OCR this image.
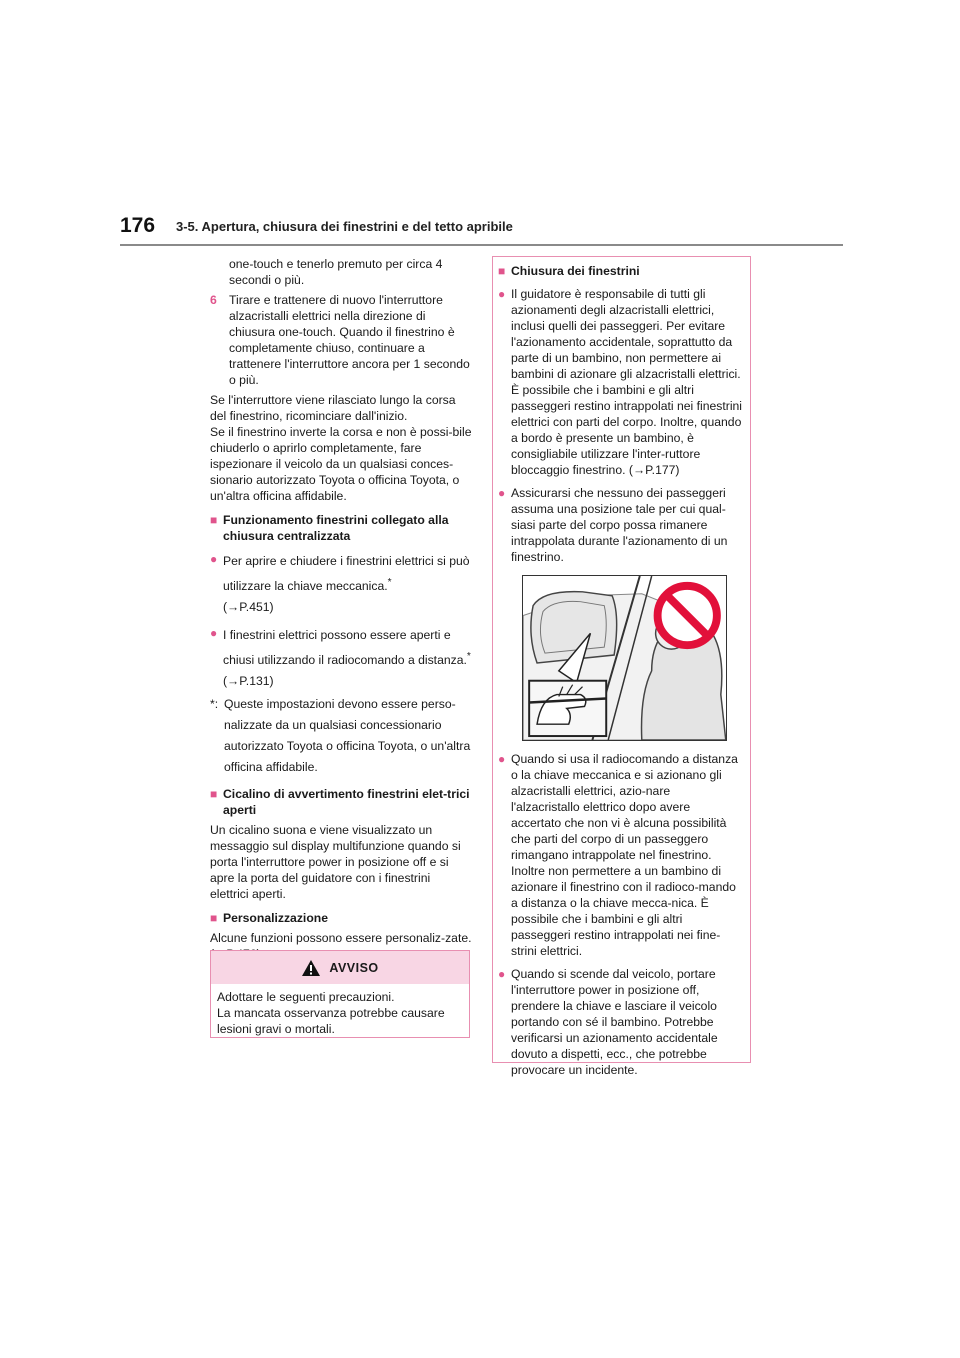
176 3-5. Apertura, chiusura dei finestrini e del tetto apribile

one-touch e tenerlo premuto per circa 4 secondi o più.

6	Tirare e trattenere di nuovo l'interruttore alzacristalli elettrici nella direzione di chiusura one-touch. Quando il finestrino è completamente chiuso, continuare a trattenere l'interruttore ancora per 1 secondo o più.

Se l'interruttore viene rilasciato lungo la corsa del finestrino, ricominciare dall'inizio.

Se il finestrino inverte la corsa e non è possi-bile chiuderlo o aprirlo completamente, fare ispezionare il veicolo da un qualsiasi conces-sionario autorizzato Toyota o officina Toyota, o un'altra officina affidabile.

■
Funzionamento finestrini collegato alla chiusura centralizzata
●
Per aprire e chiudere i finestrini elettrici si può utilizzare la chiave meccanica.*
(→P.451)
●
I finestrini elettrici possono essere aperti e chiusi utilizzando il radiocomando a distanza.* (→P.131)
*: Queste impostazioni devono essere perso-nalizzate da un qualsiasi concessionario autorizzato Toyota o officina Toyota, o un'altra officina affidabile.
■
Cicalino di avvertimento finestrini elet-trici aperti

Un cicalino suona e viene visualizzato un messaggio sul display multifunzione quando si porta l'interruttore power in posizione off e si apre la porta del guidatore con i finestrini elettrici aperti.

■
Personalizzazione

Alcune funzioni possono essere personaliz-zate.

AVVISO

Adottare le seguenti precauzioni.

La mancata osservanza potrebbe causare lesioni gravi o mortali.

■
Chiusura dei finestrini
●
Il guidatore è responsabile di tutti gli azionamenti degli alzacristalli elettrici, inclusi quelli dei passeggeri. Per evitare l'azionamento accidentale, soprattutto da parte di un bambino, non permettere ai bambini di azionare gli alzacristalli elettrici. È possibile che i bambini e gli altri passeggeri restino intrappolati nei finestrini elettrici con parti del corpo. Inoltre, quando a bordo è presente un bambino, è consigliabile utilizzare l'inter-ruttore bloccaggio finestrino. (→P.177)
●
Assicurarsi che nessuno dei passeggeri assuma una posizione tale per cui qual-siasi parte del corpo possa rimanere intrappolata durante l'azionamento di un finestrino.
●
Quando si usa il radiocomando a distanza o la chiave meccanica e si azionano gli alzacristalli elettrici, azio-nare l'alzacristallo elettrico dopo avere accertato che non vi è alcuna possibilità che parti del corpo di un passeggero rimangano intrappolate nel finestrino. Inoltre non permettere a un bambino di azionare il finestrino con il radioco-mando a distanza o la chiave mecca-nica. È possibile che i bambini e gli altri passeggeri restino intrappolati nei fine-strini elettrici.
●
Quando si scende dal veicolo, portare l'interruttore power in posizione off, prendere la chiave e lasciare il veicolo portando con sé il bambino. Potrebbe verificarsi un azionamento accidentale dovuto a dispetti, ecc., che potrebbe provocare un incidente.
